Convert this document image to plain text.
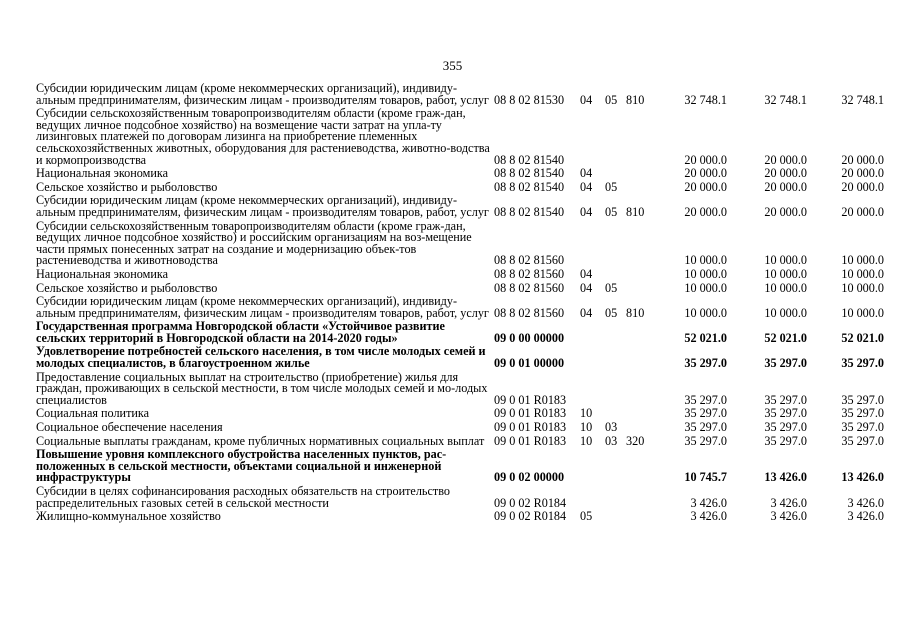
355
Субсидии юридическим лицам (кроме некоммерческих организаций), индивиду-альным предпринимателям, физическим лицам - производителям товаров, работ, услуг	08 8 02 81530	04	05	810	32 748.1	32 748.1	32 748.1
Субсидии сельскохозяйственным товаропроизводителям области (кроме граж-дан, ведущих личное подсобное хозяйство) на возмещение части затрат на упла-ту лизинговых платежей по договорам лизинга на приобретение племенных сельскохозяйственных животных, оборудования для растениеводства, животно-водства и кормопроизводства	08 8 02 81540				20 000.0	20 000.0	20 000.0
Национальная экономика	08 8 02 81540	04			20 000.0	20 000.0	20 000.0
Сельское хозяйство и рыболовство	08 8 02 81540	04	05		20 000.0	20 000.0	20 000.0
Субсидии юридическим лицам (кроме некоммерческих организаций), индивиду-альным предпринимателям, физическим лицам - производителям товаров, работ, услуг	08 8 02 81540	04	05	810	20 000.0	20 000.0	20 000.0
Субсидии сельскохозяйственным товаропроизводителям области (кроме граж-дан, ведущих личное подсобное хозяйство) и российским организациям на воз-мещение части прямых понесенных затрат на создание и модернизацию объек-тов растениеводства и животноводства	08 8 02 81560				10 000.0	10 000.0	10 000.0
Национальная экономика	08 8 02 81560	04			10 000.0	10 000.0	10 000.0
Сельское хозяйство и рыболовство	08 8 02 81560	04	05		10 000.0	10 000.0	10 000.0
Субсидии юридическим лицам (кроме некоммерческих организаций), индивиду-альным предпринимателям, физическим лицам - производителям товаров, работ, услуг	08 8 02 81560	04	05	810	10 000.0	10 000.0	10 000.0
Государственная программа Новгородской области «Устойчивое развитие сельских территорий в Новгородской области на 2014-2020 годы»	09 0 00 00000				52 021.0	52 021.0	52 021.0
Удовлетворение потребностей сельского населения, в том числе молодых семей и молодых специалистов, в благоустроенном жилье	09 0 01 00000				35 297.0	35 297.0	35 297.0
Предоставление социальных выплат на строительство (приобретение) жилья для граждан, проживающих в сельской местности, в том числе молодых семей и мо-лодых специалистов	09 0 01 R0183				35 297.0	35 297.0	35 297.0
Социальная политика	09 0 01 R0183	10			35 297.0	35 297.0	35 297.0
Социальное обеспечение населения	09 0 01 R0183	10	03		35 297.0	35 297.0	35 297.0
Социальные выплаты гражданам, кроме публичных нормативных социальных выплат	09 0 01 R0183	10	03	320	35 297.0	35 297.0	35 297.0
Повышение уровня комплексного обустройства населенных пунктов, рас-положенных в сельской местности, объектами социальной и инженерной инфраструктуры	09 0 02 00000				10 745.7	13 426.0	13 426.0
Субсидии в целях софинансирования расходных обязательств на строительство распределительных газовых сетей в сельской местности	09 0 02 R0184				3 426.0	3 426.0	3 426.0
Жилищно-коммунальное хозяйство	09 0 02 R0184	05			3 426.0	3 426.0	3 426.0
